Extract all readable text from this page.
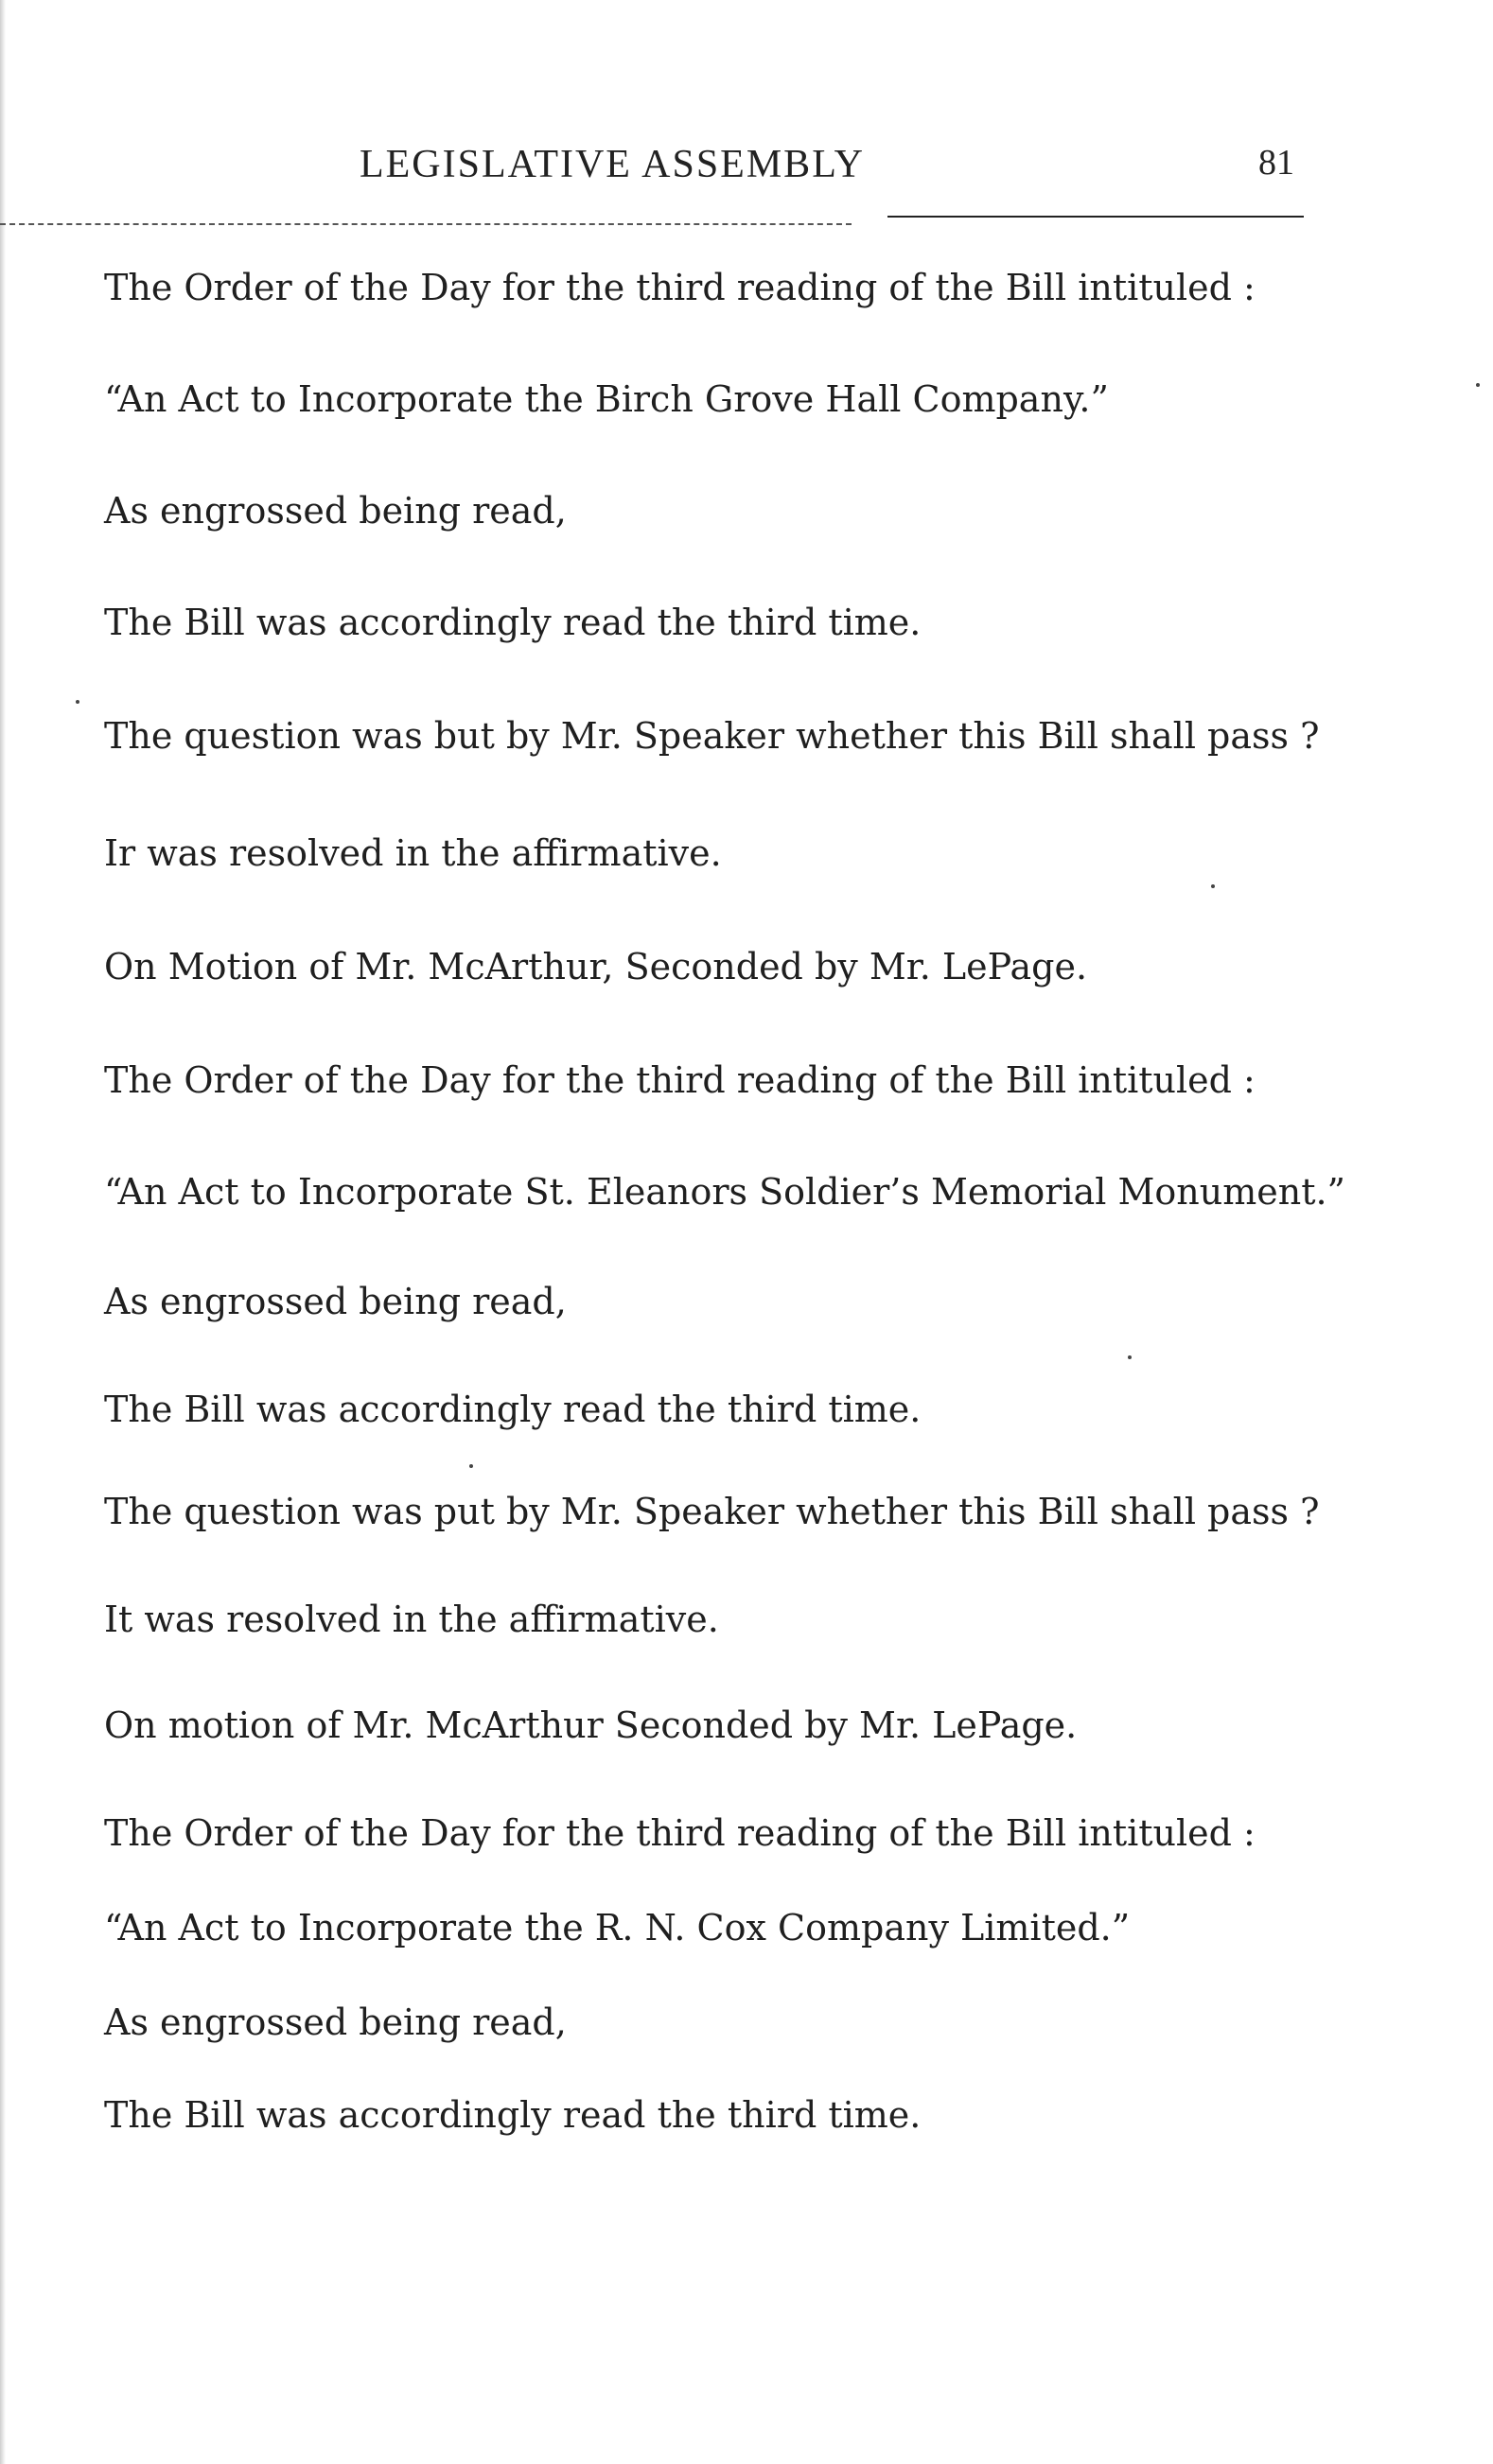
LEGISLATIVE ASSEMBLY	81
The Order of the Day for the third reading of the Bill intituled :
“An Act to Incorporate the Birch Grove Hall Company.”
As engrossed being read,
The Bill was accordingly read the third time.
The question was but by Mr. Speaker whether this Bill shall pass ?
Ir was resolved in the affirmative.
On Motion of Mr. McArthur, Seconded by Mr. LePage.
The Order of the Day for the third reading of the Bill intituled :
“An Act to Incorporate St. Eleanors Soldier’s Memorial Monument.”
As engrossed being read,
The Bill was accordingly read the third time.
The question was put by Mr. Speaker whether this Bill shall pass ?
It was resolved in the affirmative.
On motion of Mr. McArthur Seconded by Mr. LePage.
The Order of the Day for the third reading of the Bill intituled :
“An Act to Incorporate the R. N. Cox Company Limited.”
As engrossed being read,
The Bill was accordingly read the third time.
